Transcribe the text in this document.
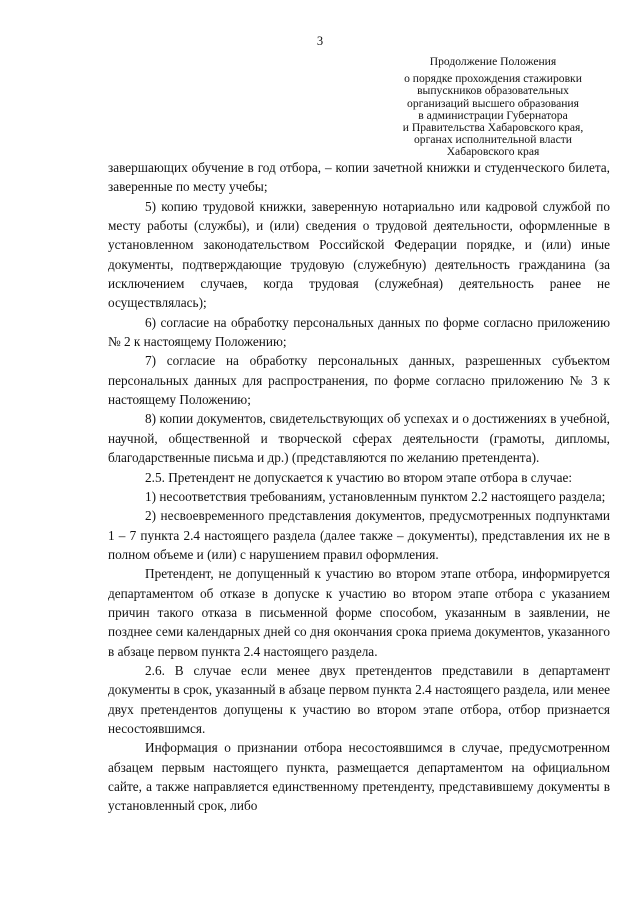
3
Продолжение Положения
о порядке прохождения стажировки
выпускников образовательных
организаций высшего образования
в администрации Губернатора
и Правительства Хабаровского края,
органах исполнительной власти
Хабаровского края

завершающих обучение в год отбора, – копии зачетной книжки и студенческого билета, заверенные по месту учебы;

5) копию трудовой книжки, заверенную нотариально или кадровой службой по месту работы (службы), и (или) сведения о трудовой деятельности, оформленные в установленном законодательством Российской Федерации порядке, и (или) иные документы, подтверждающие трудовую (служебную) деятельность гражданина (за исключением случаев, когда трудовая (служебная) деятельность ранее не осуществлялась);

6) согласие на обработку персональных данных по форме согласно приложению № 2 к настоящему Положению;

7) согласие на обработку персональных данных, разрешенных субъектом персональных данных для распространения, по форме согласно приложению № 3 к настоящему Положению;

8) копии документов, свидетельствующих об успехах и о достижениях в учебной, научной, общественной и творческой сферах деятельности (грамоты, дипломы, благодарственные письма и др.) (представляются по желанию претендента).

2.5. Претендент не допускается к участию во втором этапе отбора в случае:

1) несоответствия требованиям, установленным пунктом 2.2 настоящего раздела;

2) несвоевременного представления документов, предусмотренных подпунктами 1 – 7 пункта 2.4 настоящего раздела (далее также – документы), представления их не в полном объеме и (или) с нарушением правил оформления.

Претендент, не допущенный к участию во втором этапе отбора, информируется департаментом об отказе в допуске к участию во втором этапе отбора с указанием причин такого отказа в письменной форме способом, указанным в заявлении, не позднее семи календарных дней со дня окончания срока приема документов, указанного в абзаце первом пункта 2.4 настоящего раздела.

2.6. В случае если менее двух претендентов представили в департамент документы в срок, указанный в абзаце первом пункта 2.4 настоящего раздела, или менее двух претендентов допущены к участию во втором этапе отбора, отбор признается несостоявшимся.

Информация о признании отбора несостоявшимся в случае, предусмотренном абзацем первым настоящего пункта, размещается департаментом на официальном сайте, а также направляется единственному претенденту, представившему документы в установленный срок, либо
